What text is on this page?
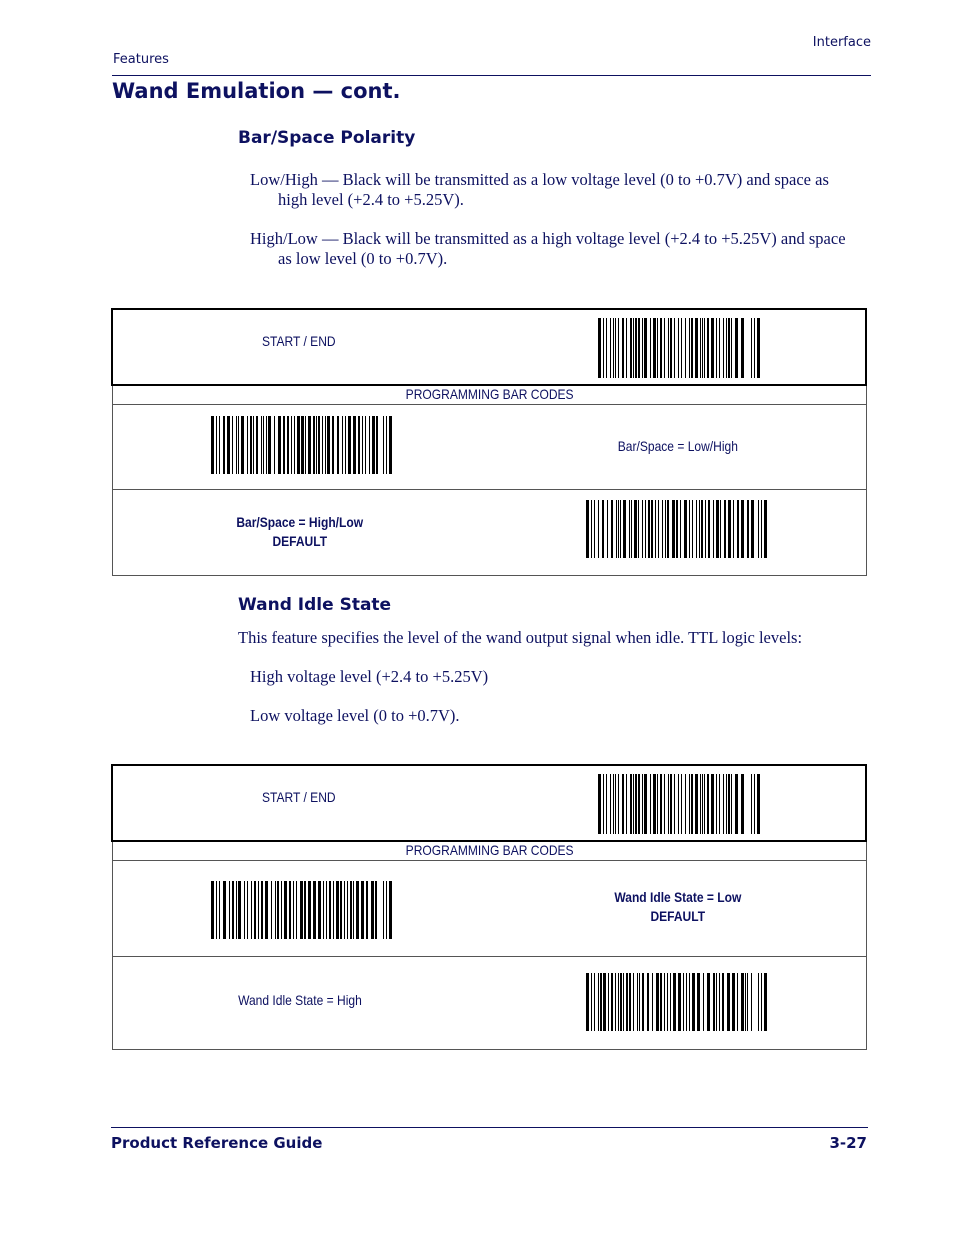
Features
Interface
Wand Emulation — cont.
Bar/Space Polarity
Low/High — Black will be transmitted as a low voltage level (0 to +0.7V) and space as high level (+2.4 to +5.25V).
High/Low — Black will be transmitted as a high voltage level (+2.4 to +5.25V) and space as low level (0 to +0.7V).
START / END
PROGRAMMING BAR CODES
Bar/Space = Low/High
Bar/Space = High/Low
DEFAULT
Wand Idle State
This feature specifies the level of the wand output signal when idle. TTL logic levels:
High voltage level (+2.4 to +5.25V)
Low voltage level (0 to +0.7V).
START / END
PROGRAMMING BAR CODES
Wand Idle State = Low
DEFAULT
Wand Idle State = High
Product Reference Guide	3-27
